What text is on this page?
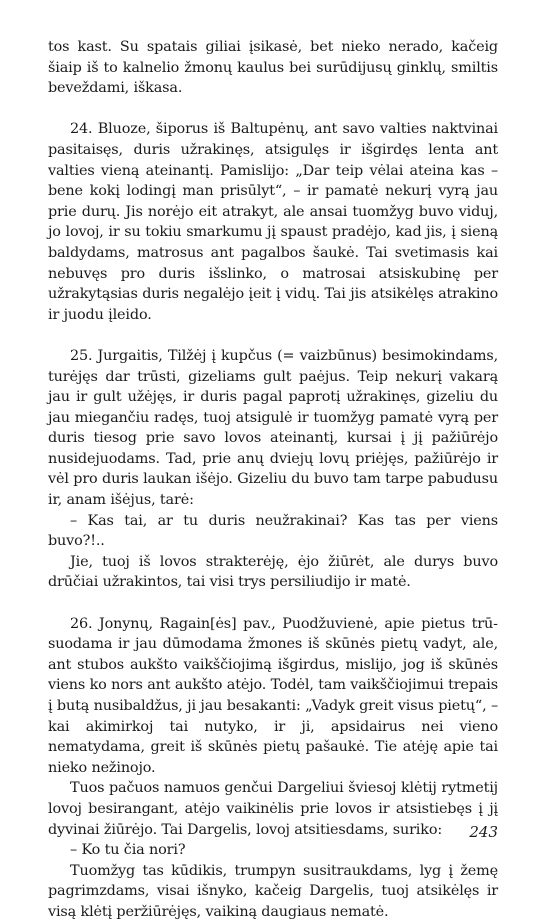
tos kast. Su spatais giliai įsikasė, bet nieko nerado, kačeig šiaip iš to kalnelio žmonų kaulus bei surūdijusų ginklų, smiltis beveždami, iškasa.

24. Bluoze, šiporus iš Baltupėnų, ant savo valties naktvinai pasitaisęs, duris užrakinęs, atsigulęs ir išgirdęs lenta ant valties vieną ateinantį. Pamislijo: „Dar teip vėlai ateina kas – bene kokį lodingį man prisūlyt“, – ir pamatė nekurį vyrą jau prie durų. Jis norėjo eit atrakyt, ale ansai tuomžyg buvo viduj, jo lovoj, ir su tokiu smarkumu jį spaust pradėjo, kad jis, į sieną baldydams, matrosus ant pagalbos šaukė. Tai svetimasis kai nebuvęs pro duris išslinko, o matrosai atsiskubinę per užrakytąsias duris negalėjo įeit į vidų. Tai jis atsikėlęs atrakino ir juodu įleido.

25. Jurgaitis, Tilžėj į kupčus (= vaizbūnus) besimokindams, turėjęs dar trūsti, gizeliams gult paėjus. Teip nekurį vakarą jau ir gult užėjęs, ir duris pagal paprotį užrakinęs, gizeliu du jau miegančiu radęs, tuoj atsigulė ir tuomžyg pamatė vyrą per duris tiesog prie savo lovos ateinantį, kursai į jį pažiūrėjo nusidejuodams. Tad, prie anų dviejų lovų priėjęs, pažiūrėjo ir vėl pro duris laukan išėjo. Gizeliu du buvo tam tarpe pabudusu ir, anam išėjus, tarė:

– Kas tai, ar tu duris neužrakinai? Kas tas per viens buvo?!..

Jie, tuoj iš lovos strakterėję, ėjo žiūrėt, ale durys buvo drūčiai užrakintos, tai visi trys persiliudijo ir matė.

26. Jonynų, Ragain[ės] pav., Puodžuvienė, apie pietus trūsuodama ir jau dūmodama žmones iš skūnės pietų vadyt, ale, ant stubos aukšto vaikščiojimą išgirdus, mislijo, jog iš skūnės viens ko nors ant aukšto atėjo. Todėl, tam vaikščiojimui trepais į butą nusibaldžus, ji jau besakanti: „Vadyk greit visus pietų“, – kai akimirkoj tai nutyko, ir ji, apsidairus nei vieno nematydama, greit iš skūnės pietų pašaukė. Tie atėję apie tai nieko nežinojo.

Tuos pačuos namuos genčui Dargeliui šviesoj klėtij rytmetij lovoj besirangant, atėjo vaikinėlis prie lovos ir atsistiebęs į jį dyvinai žiūrėjo. Tai Dargelis, lovoj atsitiesdams, suriko:

– Ko tu čia nori?

Tuomžyg tas kūdikis, trumpyn susitraukdams, lyg į žemę pagrimzdams, visai išnyko, kačeig Dargelis, tuoj atsikėlęs ir visą klėtį peržiūrėjęs, vaikiną daugiaus nematė.

243
